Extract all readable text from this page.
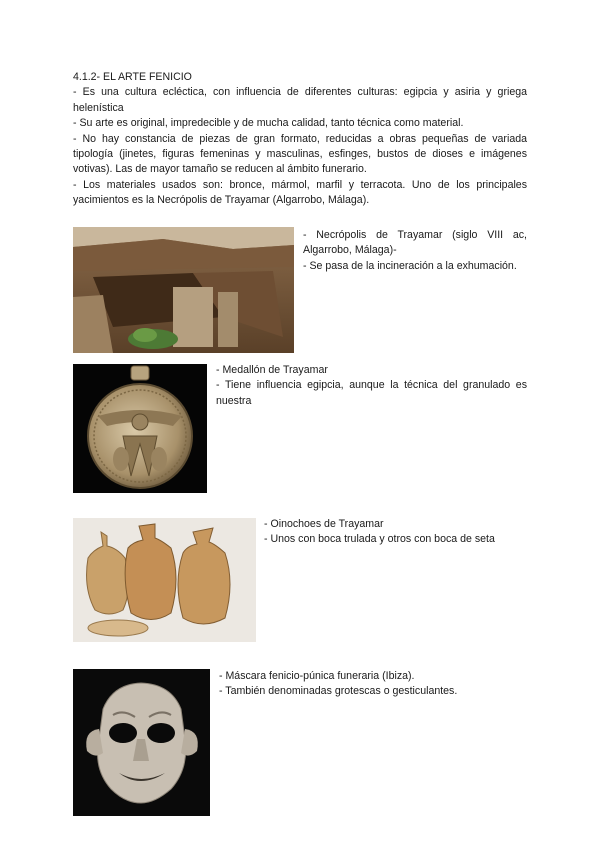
4.1.2- EL ARTE FENICIO

- Es una cultura ecléctica, con influencia de diferentes culturas: egipcia y asiria y griega helenística

- Su arte es original, impredecible y de mucha calidad, tanto técnica como material.

- No hay constancia de piezas de gran formato, reducidas a obras pequeñas de variada tipología (jinetes, figuras femeninas y masculinas, esfinges, bustos de dioses e imágenes votivas). Las de mayor tamaño se reducen al ámbito funerario.

- Los materiales usados son: bronce, mármol, marfil y terracota. Uno de los principales yacimientos es la Necrópolis de Trayamar (Algarrobo, Málaga).

- Necrópolis de Trayamar (siglo VIII ac, Algarrobo, Málaga)-

- Se pasa de la incineración a la exhumación.

- Medallón de Trayamar

- Tiene influencia egipcia, aunque la técnica del granulado es nuestra

- Oinochoes de Trayamar

- Unos con boca trulada y otros con boca de seta

- Máscara fenicio-púnica funeraria (Ibiza).

- También denominadas grotescas o gesticulantes.
